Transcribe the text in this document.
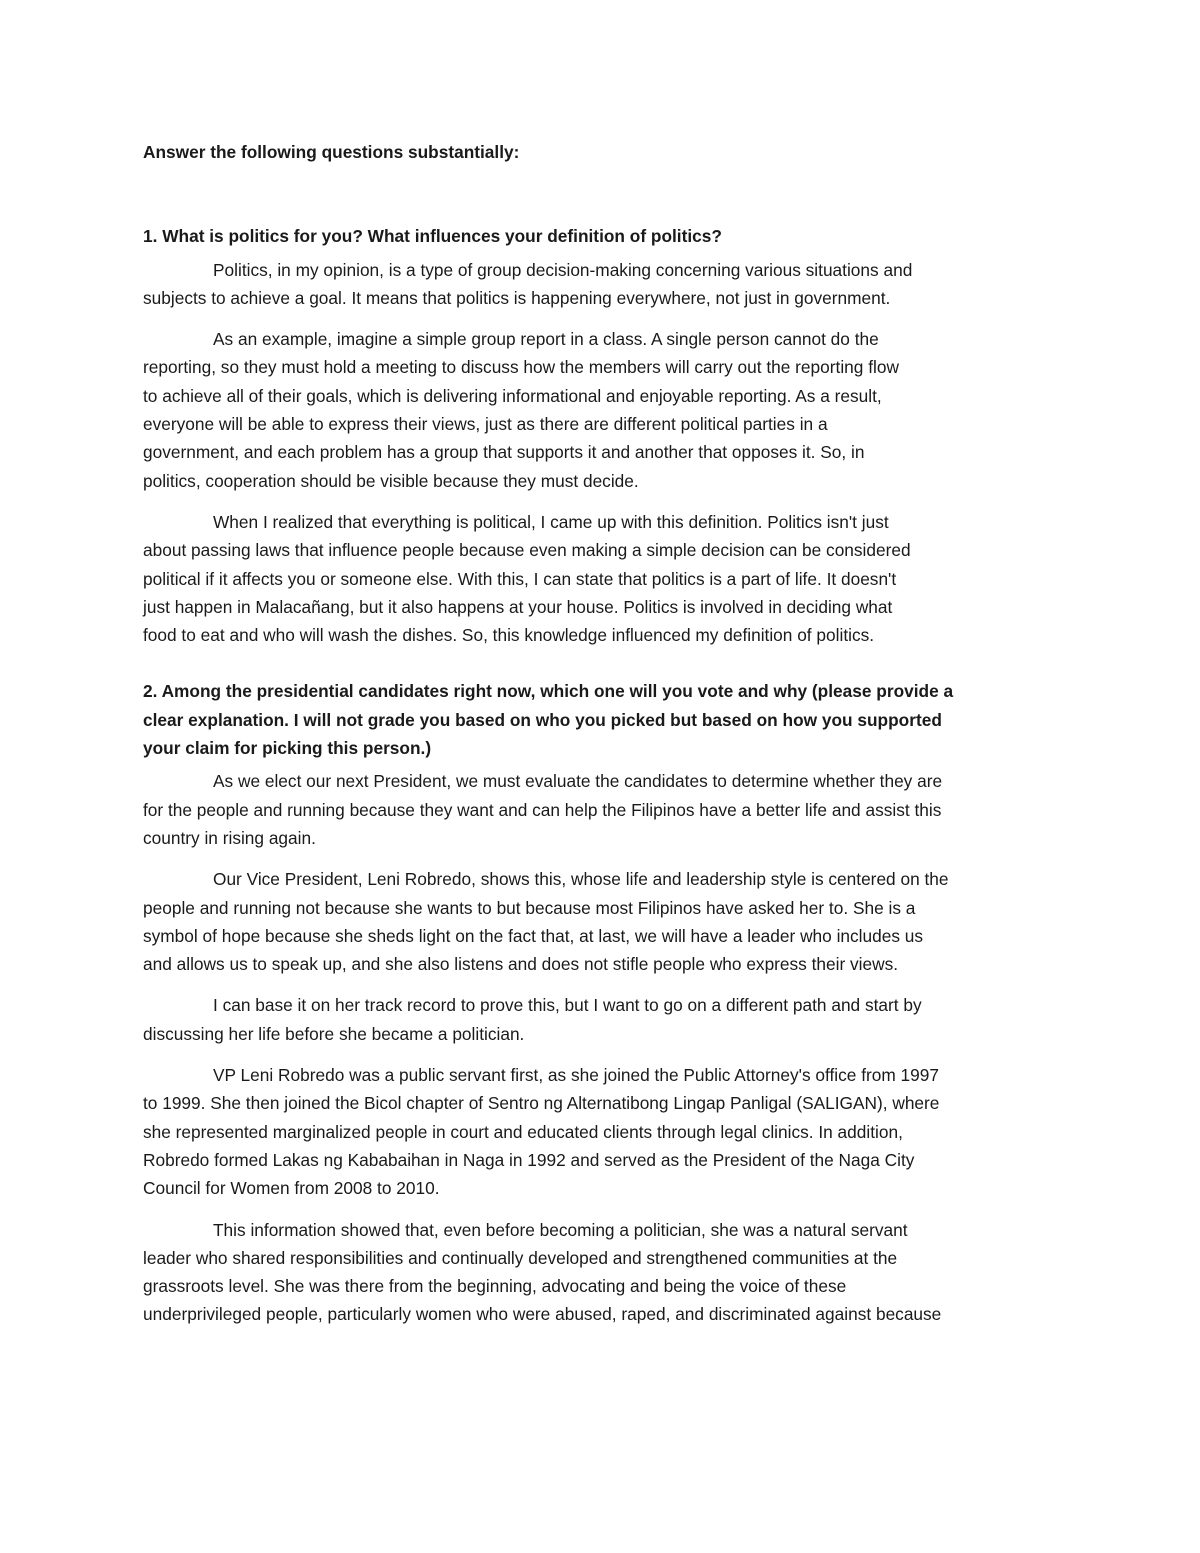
Answer the following questions substantially:
1. What is politics for you? What influences your definition of politics?
Politics, in my opinion, is a type of group decision-making concerning various situations and
subjects to achieve a goal. It means that politics is happening everywhere, not just in government.
As an example, imagine a simple group report in a class. A single person cannot do the
reporting, so they must hold a meeting to discuss how the members will carry out the reporting flow
to achieve all of their goals, which is delivering informational and enjoyable reporting. As a result,
everyone will be able to express their views, just as there are different political parties in a
government, and each problem has a group that supports it and another that opposes it. So, in
politics, cooperation should be visible because they must decide.
When I realized that everything is political, I came up with this definition. Politics isn't just
about passing laws that influence people because even making a simple decision can be considered
political if it affects you or someone else. With this, I can state that politics is a part of life. It doesn't
just happen in Malacañang, but it also happens at your house. Politics is involved in deciding what
food to eat and who will wash the dishes. So, this knowledge influenced my definition of politics.
2. Among the presidential candidates right now, which one will you vote and why (please provide a
clear explanation. I will not grade you based on who you picked but based on how you supported
your claim for picking this person.)
As we elect our next President, we must evaluate the candidates to determine whether they are
for the people and running because they want and can help the Filipinos have a better life and assist this
country in rising again.
Our Vice President, Leni Robredo, shows this, whose life and leadership style is centered on the
people and running not because she wants to but because most Filipinos have asked her to. She is a
symbol of hope because she sheds light on the fact that, at last, we will have a leader who includes us
and allows us to speak up, and she also listens and does not stifle people who express their views.
I can base it on her track record to prove this, but I want to go on a different path and start by
discussing her life before she became a politician.
VP Leni Robredo was a public servant first, as she joined the Public Attorney's office from 1997
to 1999. She then joined the Bicol chapter of Sentro ng Alternatibong Lingap Panligal (SALIGAN), where
she represented marginalized people in court and educated clients through legal clinics. In addition,
Robredo formed Lakas ng Kababaihan in Naga in 1992 and served as the President of the Naga City
Council for Women from 2008 to 2010.
This information showed that, even before becoming a politician, she was a natural servant
leader who shared responsibilities and continually developed and strengthened communities at the
grassroots level. She was there from the beginning, advocating and being the voice of these
underprivileged people, particularly women who were abused, raped, and discriminated against because
